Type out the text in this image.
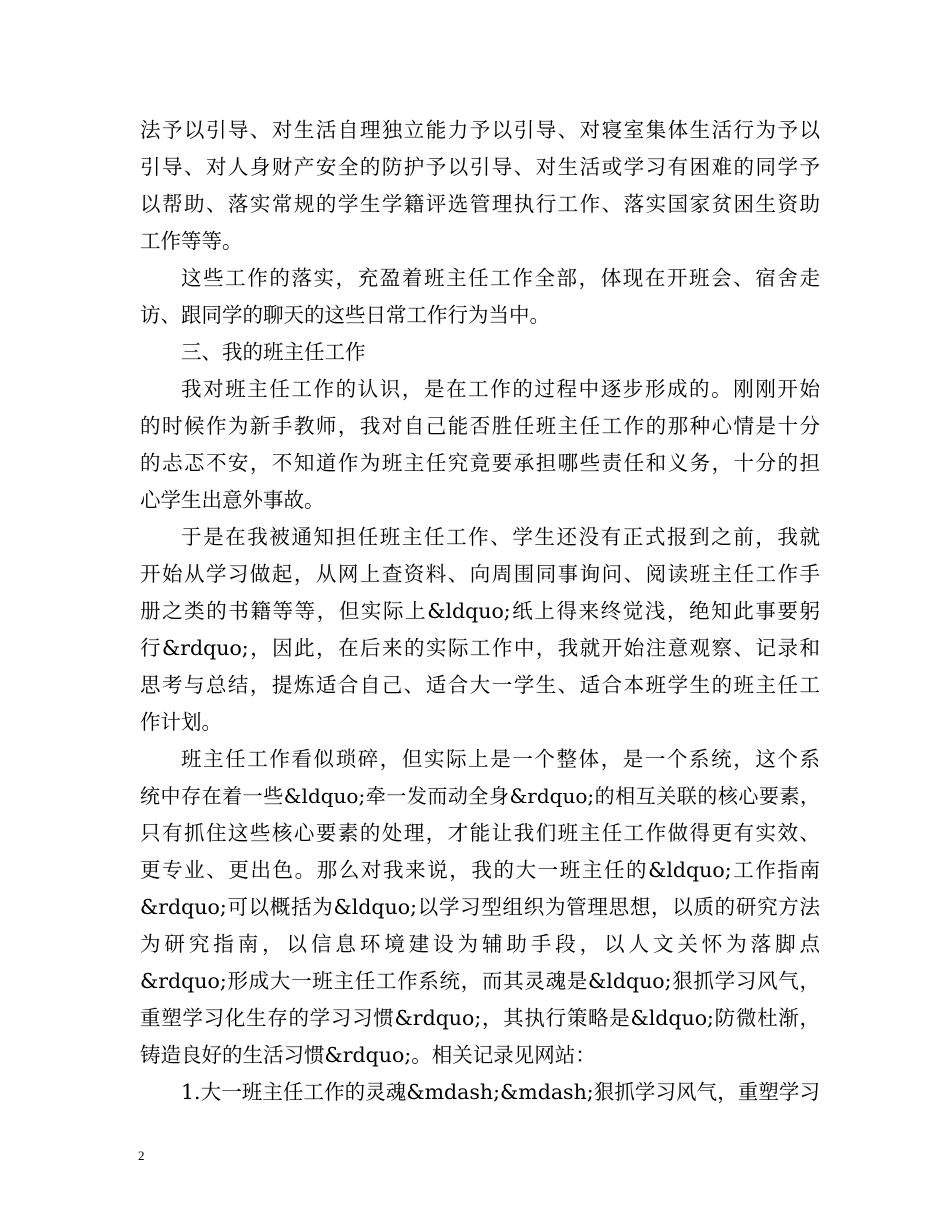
法予以引导、对生活自理独立能力予以引导、对寝室集体生活行为予以
引导、对人身财产安全的防护予以引导、对生活或学习有困难的同学予
以帮助、落实常规的学生学籍评选管理执行工作、落实国家贫困生资助
工作等等。
这些工作的落实，充盈着班主任工作全部，体现在开班会、宿舍走
访、跟同学的聊天的这些日常工作行为当中。
三、我的班主任工作
我对班主任工作的认识，是在工作的过程中逐步形成的。刚刚开始
的时候作为新手教师，我对自己能否胜任班主任工作的那种心情是十分
的忐忑不安，不知道作为班主任究竟要承担哪些责任和义务，十分的担
心学生出意外事故。
于是在我被通知担任班主任工作、学生还没有正式报到之前，我就
开始从学习做起，从网上查资料、向周围同事询问、阅读班主任工作手
册之类的书籍等等，但实际上&ldquo;纸上得来终觉浅，绝知此事要躬
行&rdquo;，因此，在后来的实际工作中，我就开始注意观察、记录和
思考与总结，提炼适合自己、适合大一学生、适合本班学生的班主任工
作计划。
班主任工作看似琐碎，但实际上是一个整体，是一个系统，这个系
统中存在着一些&ldquo;牵一发而动全身&rdquo;的相互关联的核心要素，
只有抓住这些核心要素的处理，才能让我们班主任工作做得更有实效、
更专业、更出色。那么对我来说，我的大一班主任的&ldquo;工作指南
&rdquo;可以概括为&ldquo;以学习型组织为管理思想，以质的研究方法
为研究指南，以信息环境建设为辅助手段，以人文关怀为落脚点
&rdquo;形成大一班主任工作系统，而其灵魂是&ldquo;狠抓学习风气，
重塑学习化生存的学习习惯&rdquo;，其执行策略是&ldquo;防微杜渐，
铸造良好的生活习惯&rdquo;。相关记录见网站：
1.大一班主任工作的灵魂&mdash;&mdash;狠抓学习风气，重塑学习
2
